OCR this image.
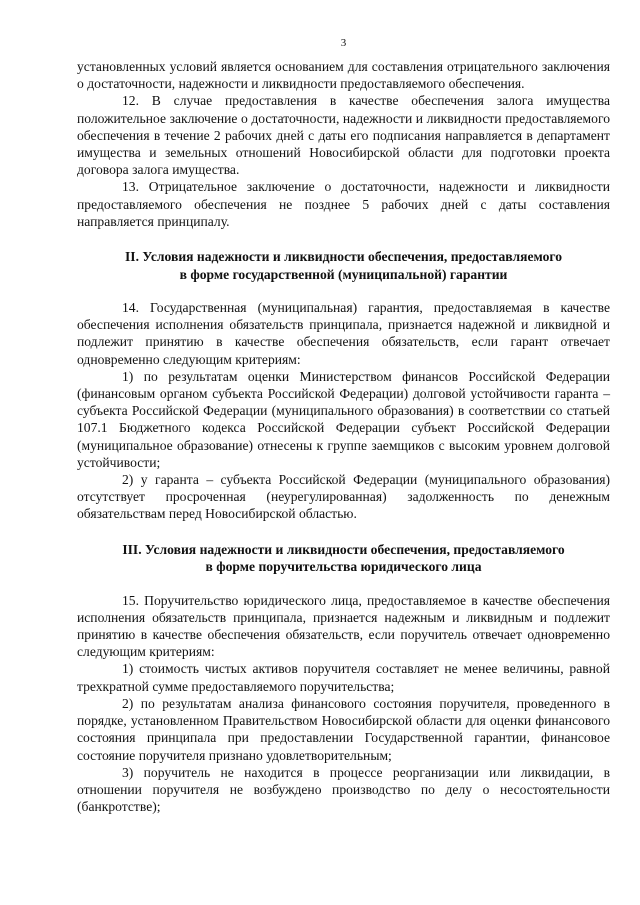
3

установленных условий является основанием для составления отрицательного заключения о достаточности, надежности и ликвидности предоставляемого обеспечения.

12. В случае предоставления в качестве обеспечения залога имущества положительное заключение о достаточности, надежности и ликвидности предоставляемого обеспечения в течение 2 рабочих дней с даты его подписания направляется в департамент имущества и земельных отношений Новосибирской области для подготовки проекта договора залога имущества.

13. Отрицательное заключение о достаточности, надежности и ликвидности предоставляемого обеспечения не позднее 5 рабочих дней с даты составления направляется принципалу.

II. Условия надежности и ликвидности обеспечения, предоставляемого
в форме государственной (муниципальной) гарантии

14. Государственная (муниципальная) гарантия, предоставляемая в качестве обеспечения исполнения обязательств принципала, признается надежной и ликвидной и подлежит принятию в качестве обеспечения обязательств, если гарант отвечает одновременно следующим критериям:

1) по результатам оценки Министерством финансов Российской Федерации (финансовым органом субъекта Российской Федерации) долговой устойчивости гаранта – субъекта Российской Федерации (муниципального образования) в соответствии со статьей 107.1 Бюджетного кодекса Российской Федерации субъект Российской Федерации (муниципальное образование) отнесены к группе заемщиков с высоким уровнем долговой устойчивости;

2) у гаранта – субъекта Российской Федерации (муниципального образования) отсутствует просроченная (неурегулированная) задолженность по денежным обязательствам перед Новосибирской областью.

III. Условия надежности и ликвидности обеспечения, предоставляемого
в форме поручительства юридического лица

15. Поручительство юридического лица, предоставляемое в качестве обеспечения исполнения обязательств принципала, признается надежным и ликвидным и подлежит принятию в качестве обеспечения обязательств, если поручитель отвечает одновременно следующим критериям:

1) стоимость чистых активов поручителя составляет не менее величины, равной трехкратной сумме предоставляемого поручительства;

2) по результатам анализа финансового состояния поручителя, проведенного в порядке, установленном Правительством Новосибирской области для оценки финансового состояния принципала при предоставлении Государственной гарантии, финансовое состояние поручителя признано удовлетворительным;

3) поручитель не находится в процессе реорганизации или ликвидации, в отношении поручителя не возбуждено производство по делу о несостоятельности (банкротстве);
